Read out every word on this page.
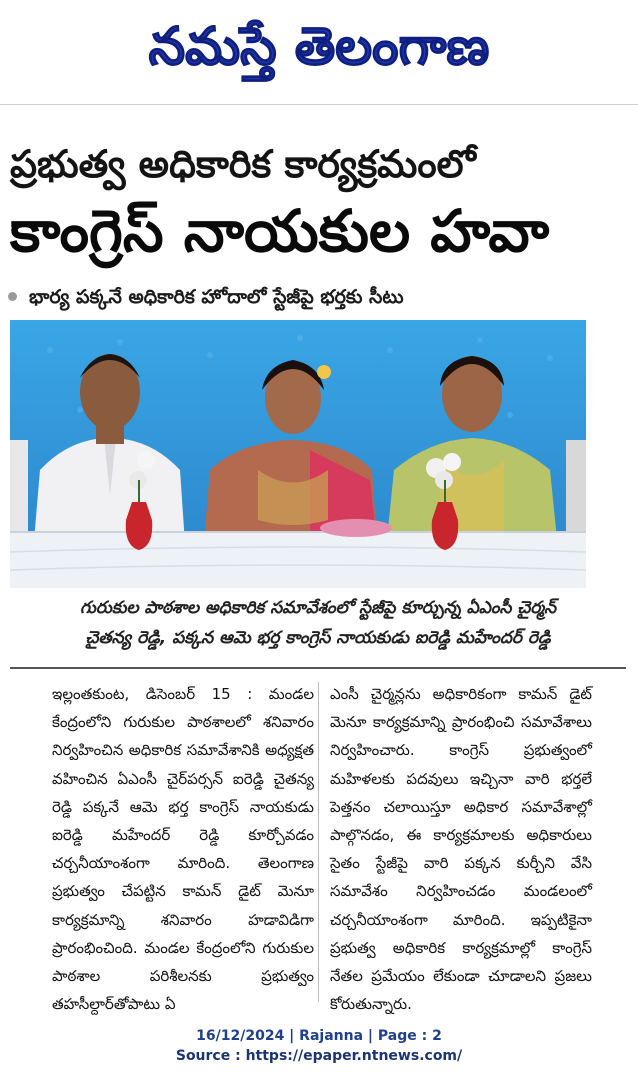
నమస్తే తెలంగాణ
ప్రభుత్వ అధికారిక కార్యక్రమంలో
కాంగ్రెస్ నాయకుల హవా
భార్య పక్కనే అధికారిక హోదాలో స్టేజీపై భర్తకు సీటు
గురుకుల పాఠశాల అధికారిక సమావేశంలో స్టేజీపై కూర్చున్న ఏఎంసీ చైర్మన్
చైతన్య రెడ్డి, పక్కన ఆమె భర్త కాంగ్రెస్ నాయకుడు ఐరెడ్డి మహేందర్ రెడ్డి
ఇల్లంతకుంట, డిసెంబర్ 15 : మండల కేంద్రంలోని గురుకుల పాఠశాలలో శనివారం నిర్వహించిన అధికారిక సమావేశానికి అధ్యక్షత వహించిన ఏఎంసీ చైర్‌పర్సన్ ఐరెడ్డి చైతన్య రెడ్డి పక్కనే ఆమె భర్త కాంగ్రెస్ నాయకుడు ఐరెడ్డి మహేందర్ రెడ్డి కూర్చోవడం చర్చనీయాంశంగా మారింది. తెలంగాణ ప్రభుత్వం చేపట్టిన కామన్ డైట్ మెనూ కార్యక్రమాన్ని శనివారం హడావిడిగా ప్రారంభించింది. మండల కేంద్రంలోని గురుకుల పాఠశాల పరిశీలనకు ప్రభుత్వం తహసీల్దార్‌తోపాటు ఏ
ఎంసీ చైర్మన్లను అధికారికంగా కామన్ డైట్ మెనూ కార్యక్రమాన్ని ప్రారంభించి సమావేశాలు నిర్వహించారు. కాంగ్రెస్ ప్రభుత్వంలో మహిళలకు పదవులు ఇచ్చినా వారి భర్తలే పెత్తనం చలాయిస్తూ అధికార సమావేశాల్లో పాల్గొనడం, ఈ కార్యక్రమాలకు అధికారులు సైతం స్టేజీపై వారి పక్కన కుర్చీని వేసి సమావేశం నిర్వహించడం మండలంలో చర్చనీయాంశంగా మారింది. ఇప్పటికైనా ప్రభుత్వ అధికారిక కార్యక్రమాల్లో కాంగ్రెస్ నేతల ప్రమేయం లేకుండా చూడాలని ప్రజలు కోరుతున్నారు.
16/12/2024 | Rajanna | Page : 2
Source : https://epaper.ntnews.com/
